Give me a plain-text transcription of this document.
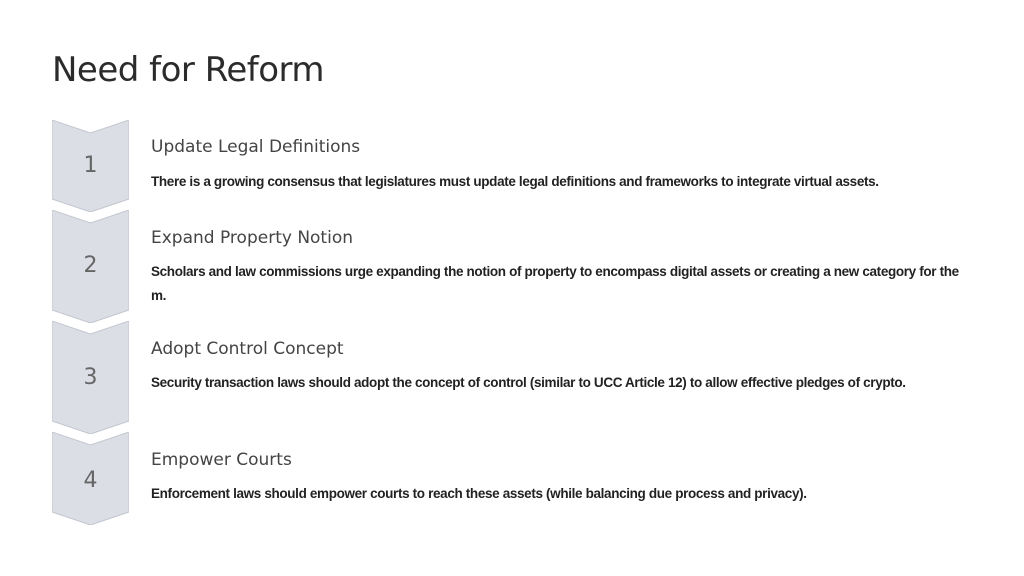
Need for Reform
1
Update Legal Definitions

There is a growing consensus that legislatures must update legal definitions and frameworks to integrate virtual assets.

2
Expand Property Notion

Scholars and law commissions urge expanding the notion of property to encompass digital assets or creating a new category for them.

3
Adopt Control Concept

Security transaction laws should adopt the concept of control (similar to UCC Article 12) to allow effective pledges of crypto.

4
Empower Courts

Enforcement laws should empower courts to reach these assets (while balancing due process and privacy).
